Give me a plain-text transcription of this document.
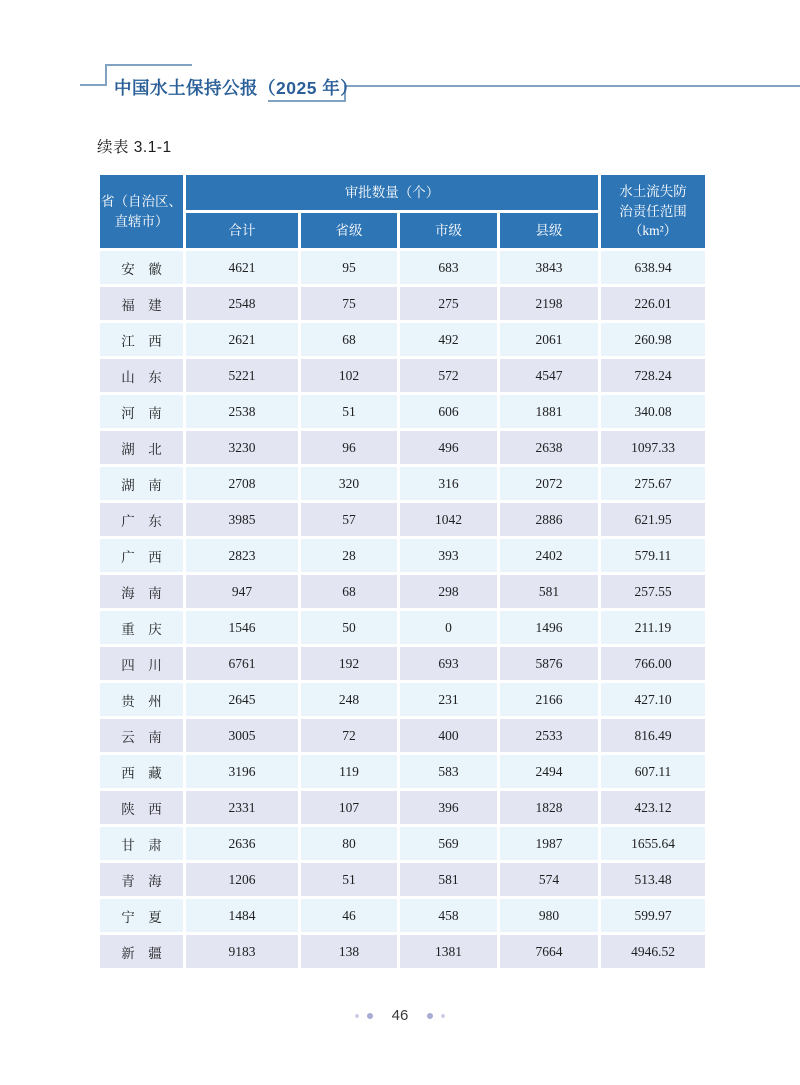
中国水土保持公报（2025 年）
续表 3.1-1
省（自治区、直辖市）	审批数量（个）				水土流失防
治责任范围
（km²）

	合计	省级	市级	县级	
安　徽	4621	95	683	3843	638.94
福　建	2548	75	275	2198	226.01
江　西	2621	68	492	2061	260.98
山　东	5221	102	572	4547	728.24
河　南	2538	51	606	1881	340.08
湖　北	3230	96	496	2638	1097.33
湖　南	2708	320	316	2072	275.67
广　东	3985	57	1042	2886	621.95
广　西	2823	28	393	2402	579.11
海　南	947	68	298	581	257.55
重　庆	1546	50	0	1496	211.19
四　川	6761	192	693	5876	766.00
贵　州	2645	248	231	2166	427.10
云　南	3005	72	400	2533	816.49
西　藏	3196	119	583	2494	607.11
陕　西	2331	107	396	1828	423.12
甘　肃	2636	80	569	1987	1655.64
青　海	1206	51	581	574	513.48
宁　夏	1484	46	458	980	599.97
新　疆	9183	138	1381	7664	4946.52
46
